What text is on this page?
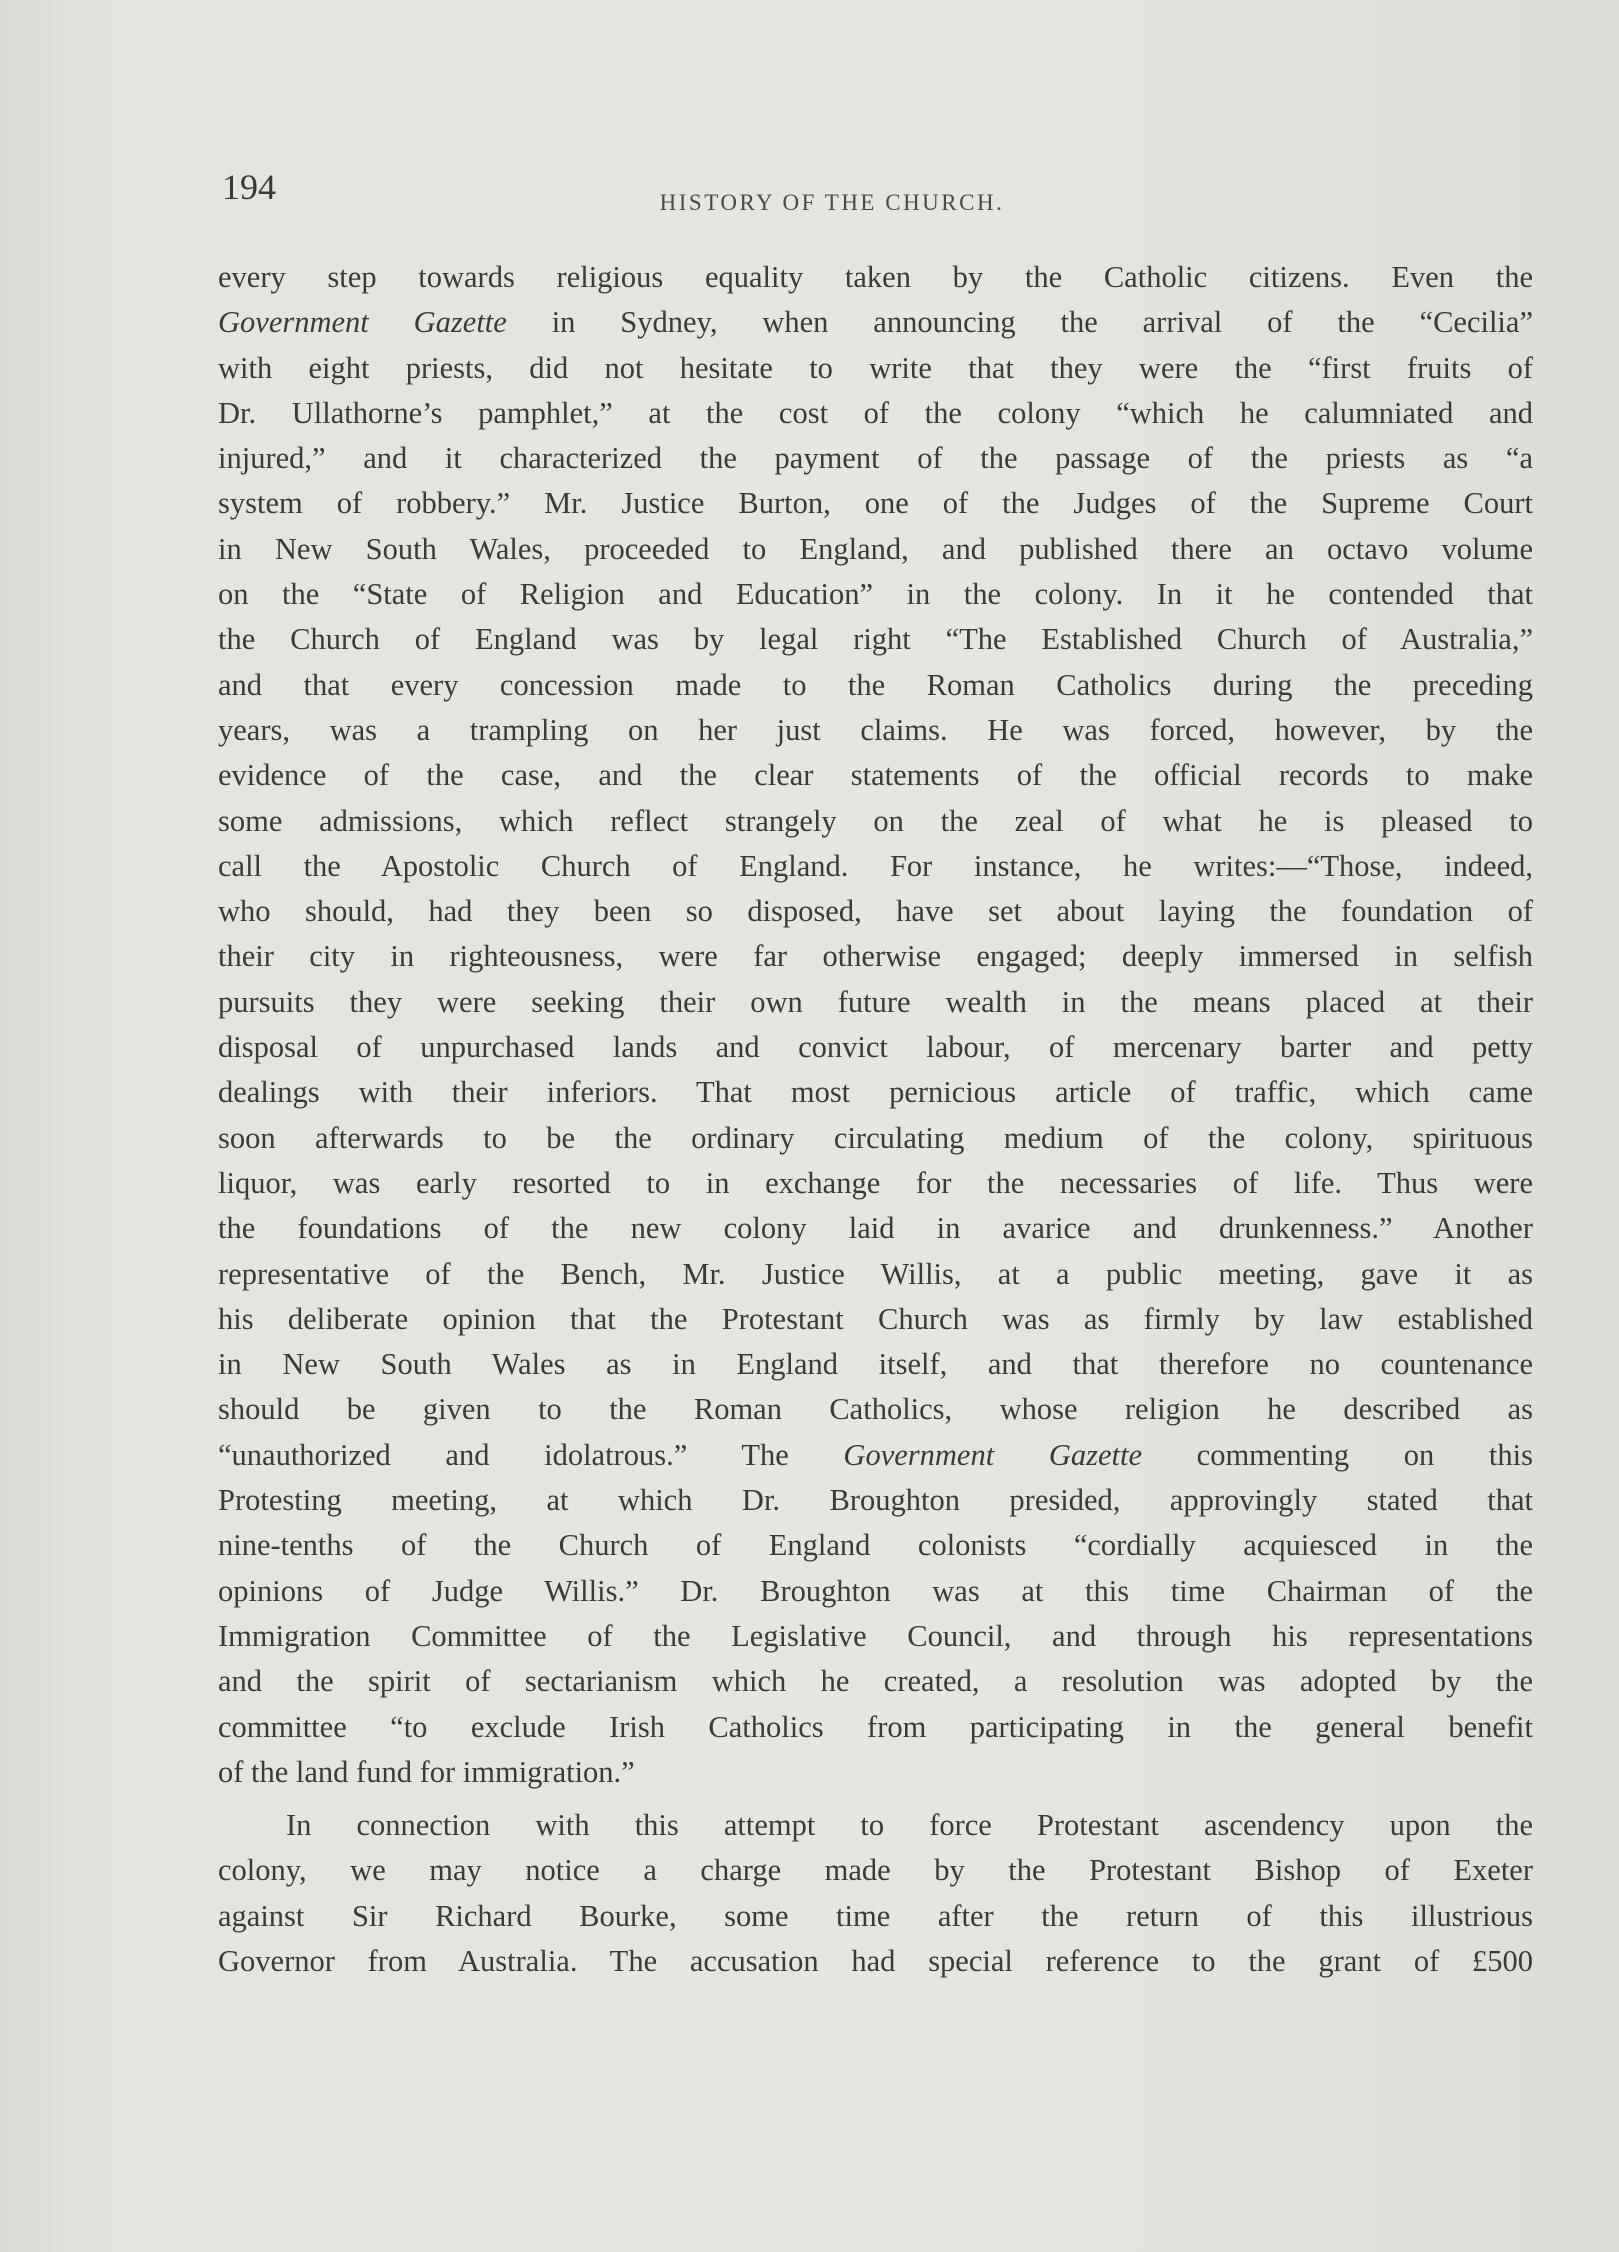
194	HISTORY OF THE CHURCH.
every step towards religious equality taken by the Catholic citizens. Even the
Government Gazette in Sydney, when announcing the arrival of the “Cecilia”
with eight priests, did not hesitate to write that they were the “first fruits of
Dr. Ullathorne’s pamphlet,” at the cost of the colony “which he calumniated and
injured,” and it characterized the payment of the passage of the priests as “a
system of robbery.” Mr. Justice Burton, one of the Judges of the Supreme Court
in New South Wales, proceeded to England, and published there an octavo volume
on the “State of Religion and Education” in the colony. In it he contended that
the Church of England was by legal right “The Established Church of Australia,”
and that every concession made to the Roman Catholics during the preceding
years, was a trampling on her just claims. He was forced, however, by the
evidence of the case, and the clear statements of the official records to make
some admissions, which reflect strangely on the zeal of what he is pleased to
call the Apostolic Church of England. For instance, he writes:—“Those, indeed,
who should, had they been so disposed, have set about laying the foundation of
their city in righteousness, were far otherwise engaged; deeply immersed in selfish
pursuits they were seeking their own future wealth in the means placed at their
disposal of unpurchased lands and convict labour, of mercenary barter and petty
dealings with their inferiors. That most pernicious article of traffic, which came
soon afterwards to be the ordinary circulating medium of the colony, spirituous
liquor, was early resorted to in exchange for the necessaries of life. Thus were
the foundations of the new colony laid in avarice and drunkenness.” Another
representative of the Bench, Mr. Justice Willis, at a public meeting, gave it as
his deliberate opinion that the Protestant Church was as firmly by law established
in New South Wales as in England itself, and that therefore no countenance
should be given to the Roman Catholics, whose religion he described as
“unauthorized and idolatrous.” The Government Gazette commenting on this
Protesting meeting, at which Dr. Broughton presided, approvingly stated that
nine-tenths of the Church of England colonists “cordially acquiesced in the
opinions of Judge Willis.” Dr. Broughton was at this time Chairman of the
Immigration Committee of the Legislative Council, and through his representations
and the spirit of sectarianism which he created, a resolution was adopted by the
committee “to exclude Irish Catholics from participating in the general benefit
of the land fund for immigration.”
In connection with this attempt to force Protestant ascendency upon the
colony, we may notice a charge made by the Protestant Bishop of Exeter
against Sir Richard Bourke, some time after the return of this illustrious
Governor from Australia. The accusation had special reference to the grant of £500
